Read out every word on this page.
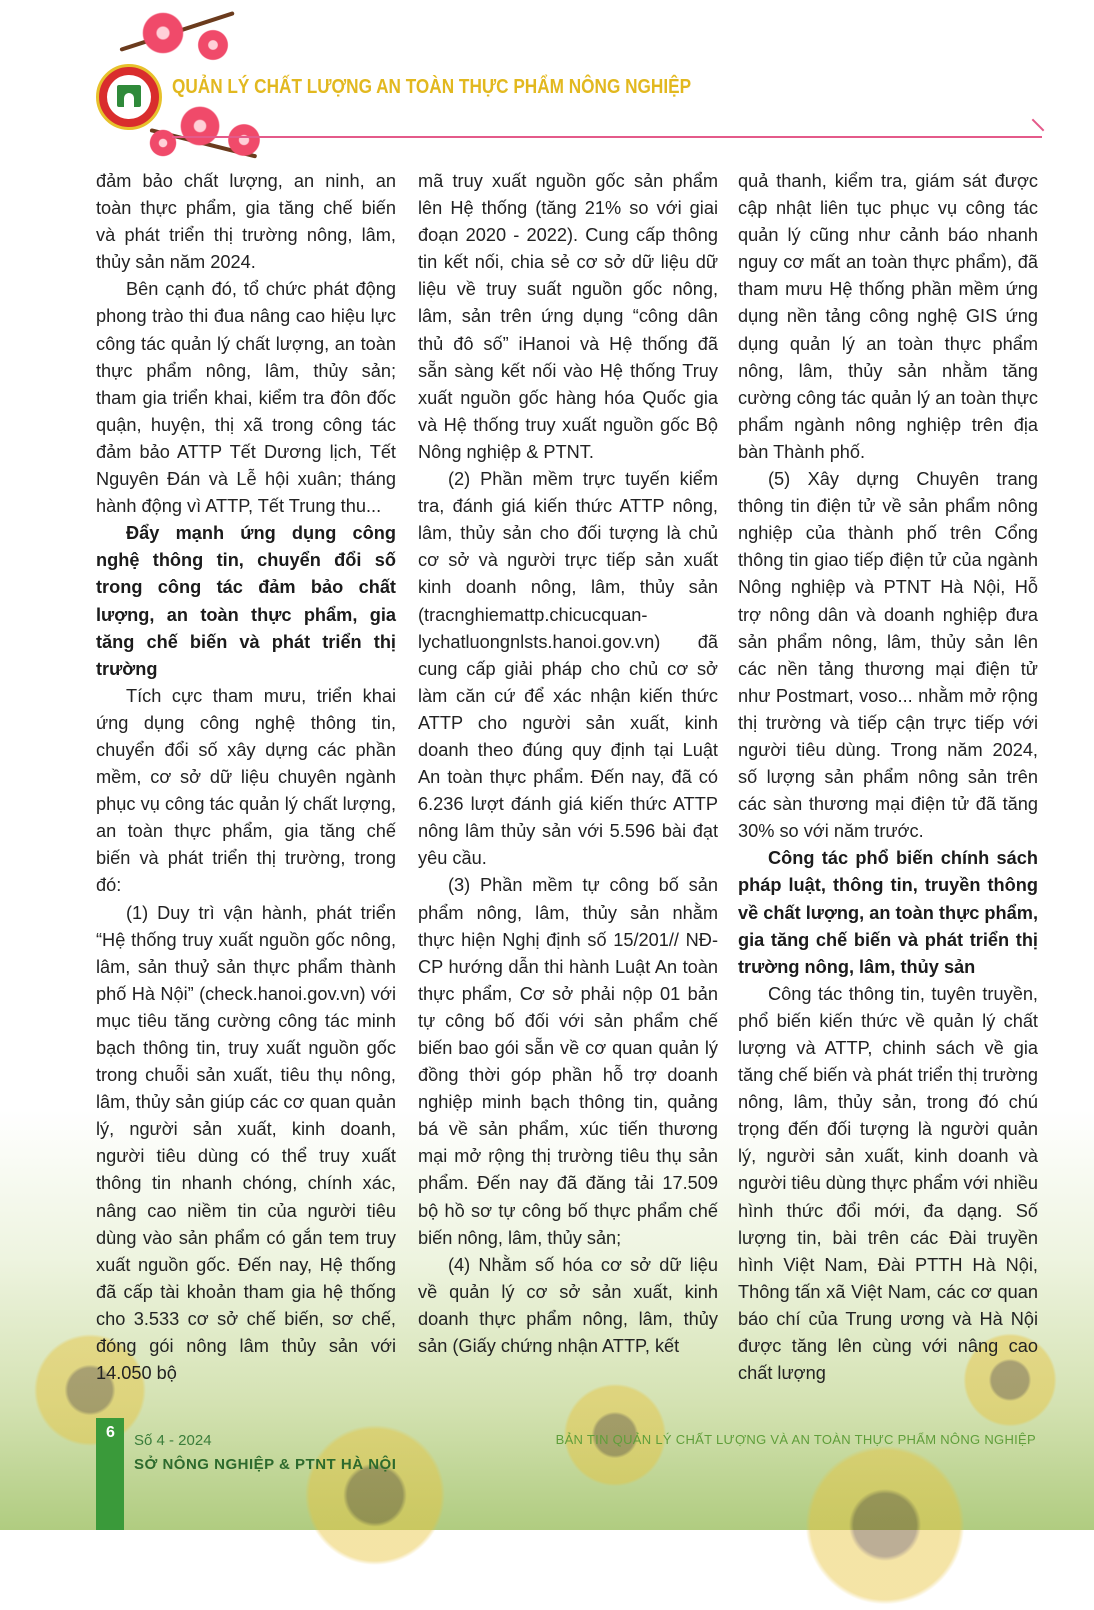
QUẢN LÝ CHẤT LƯỢNG AN TOÀN THỰC PHẨM NÔNG NGHIỆP

đảm bảo chất lượng, an ninh, an toàn thực phẩm, gia tăng chế biến và phát triển thị trường nông, lâm, thủy sản năm 2024.

Bên cạnh đó, tổ chức phát động phong trào thi đua nâng cao hiệu lực công tác quản lý chất lượng, an toàn thực phẩm nông, lâm, thủy sản; tham gia triển khai, kiểm tra đôn đốc quận, huyện, thị xã trong công tác đảm bảo ATTP Tết Dương lịch, Tết Nguyên Đán và Lễ hội xuân; tháng hành động vì ATTP, Tết Trung thu...

Đẩy mạnh ứng dụng công nghệ thông tin, chuyển đổi số trong công tác đảm bảo chất lượng, an toàn thực phẩm, gia tăng chế biến và phát triển thị trường

Tích cực tham mưu, triển khai ứng dụng công nghệ thông tin, chuyển đổi số xây dựng các phần mềm, cơ sở dữ liệu chuyên ngành phục vụ công tác quản lý chất lượng, an toàn thực phẩm, gia tăng chế biến và phát triển thị trường, trong đó:

(1) Duy trì vận hành, phát triển “Hệ thống truy xuất nguồn gốc nông, lâm, sản thuỷ sản thực phẩm thành phố Hà Nội” (check.hanoi.gov.vn) với mục tiêu tăng cường công tác minh bạch thông tin, truy xuất nguồn gốc trong chuỗi sản xuất, tiêu thụ nông, lâm, thủy sản giúp các cơ quan quản lý, người sản xuất, kinh doanh, người tiêu dùng có thể truy xuất thông tin nhanh chóng, chính xác, nâng cao niềm tin của người tiêu dùng vào sản phẩm có gắn tem truy xuất nguồn gốc. Đến nay, Hệ thống đã cấp tài khoản tham gia hệ thống cho 3.533 cơ sở chế biến, sơ chế, đóng gói nông lâm thủy sản với 14.050 bộ

mã truy xuất nguồn gốc sản phẩm lên Hệ thống (tăng 21% so với giai đoạn 2020 - 2022). Cung cấp thông tin kết nối, chia sẻ cơ sở dữ liệu dữ liệu về truy suất nguồn gốc nông, lâm, sản trên ứng dụng “công dân thủ đô số” iHanoi và Hệ thống đã sẵn sàng kết nối vào Hệ thống Truy xuất nguồn gốc hàng hóa Quốc gia và Hệ thống truy xuất nguồn gốc Bộ Nông nghiệp & PTNT.

(2) Phần mềm trực tuyến kiểm tra, đánh giá kiến thức ATTP nông, lâm, thủy sản cho đối tượng là chủ cơ sở và người trực tiếp sản xuất kinh doanh nông, lâm, thủy sản (tracnghiemattp.chicucquan-lychatluongnlsts.hanoi.gov.vn) đã cung cấp giải pháp cho chủ cơ sở làm căn cứ để xác nhận kiến thức ATTP cho người sản xuất, kinh doanh theo đúng quy định tại Luật An toàn thực phẩm. Đến nay, đã có 6.236 lượt đánh giá kiến thức ATTP nông lâm thủy sản với 5.596 bài đạt yêu cầu.

(3) Phần mềm tự công bố sản phẩm nông, lâm, thủy sản nhằm thực hiện Nghị định số 15/201// NĐ-CP hướng dẫn thi hành Luật An toàn thực phẩm, Cơ sở phải nộp 01 bản tự công bố đối với sản phẩm chế biến bao gói sẵn về cơ quan quản lý đồng thời góp phần hỗ trợ doanh nghiệp minh bạch thông tin, quảng bá về sản phẩm, xúc tiến thương mại mở rộng thị trường tiêu thụ sản phẩm. Đến nay đã đăng tải 17.509 bộ hồ sơ tự công bố thực phẩm chế biến nông, lâm, thủy sản;

(4) Nhằm số hóa cơ sở dữ liệu về quản lý cơ sở sản xuất, kinh doanh thực phẩm nông, lâm, thủy sản (Giấy chứng nhận ATTP, kết

quả thanh, kiểm tra, giám sát được cập nhật liên tục phục vụ công tác quản lý cũng như cảnh báo nhanh nguy cơ mất an toàn thực phẩm), đã tham mưu Hệ thống phần mềm ứng dụng nền tảng công nghệ GIS ứng dụng quản lý an toàn thực phẩm nông, lâm, thủy sản nhằm tăng cường công tác quản lý an toàn thực phẩm ngành nông nghiệp trên địa bàn Thành phố.

(5) Xây dựng Chuyên trang thông tin điện tử về sản phẩm nông nghiệp của thành phố trên Cổng thông tin giao tiếp điện tử của ngành Nông nghiệp và PTNT Hà Nội, Hỗ trợ nông dân và doanh nghiệp đưa sản phẩm nông, lâm, thủy sản lên các nền tảng thương mại điện tử như Postmart, voso... nhằm mở rộng thị trường và tiếp cận trực tiếp với người tiêu dùng. Trong năm 2024, số lượng sản phẩm nông sản trên các sàn thương mại điện tử đã tăng 30% so với năm trước.

Công tác phổ biến chính sách pháp luật, thông tin, truyền thông về chất lượng, an toàn thực phẩm, gia tăng chế biến và phát triển thị trường nông, lâm, thủy sản

Công tác thông tin, tuyên truyền, phổ biến kiến thức về quản lý chất lượng và ATTP, chinh sách về gia tăng chế biến và phát triển thị trường nông, lâm, thủy sản, trong đó chú trọng đến đối tượng là người quản lý, người sản xuất, kinh doanh và người tiêu dùng thực phẩm với nhiều hình thức đổi mới, đa dạng. Số lượng tin, bài trên các Đài truyền hình Việt Nam, Đài PTTH Hà Nội, Thông tấn xã Việt Nam, các cơ quan báo chí của Trung ương và Hà Nội được tăng lên cùng với nâng cao chất lượng

6 Số 4 - 2024
SỞ NÔNG NGHIỆP & PTNT HÀ NỘI
BẢN TIN QUẢN LÝ CHẤT LƯỢNG VÀ AN TOÀN THỰC PHẨM NÔNG NGHIỆP
